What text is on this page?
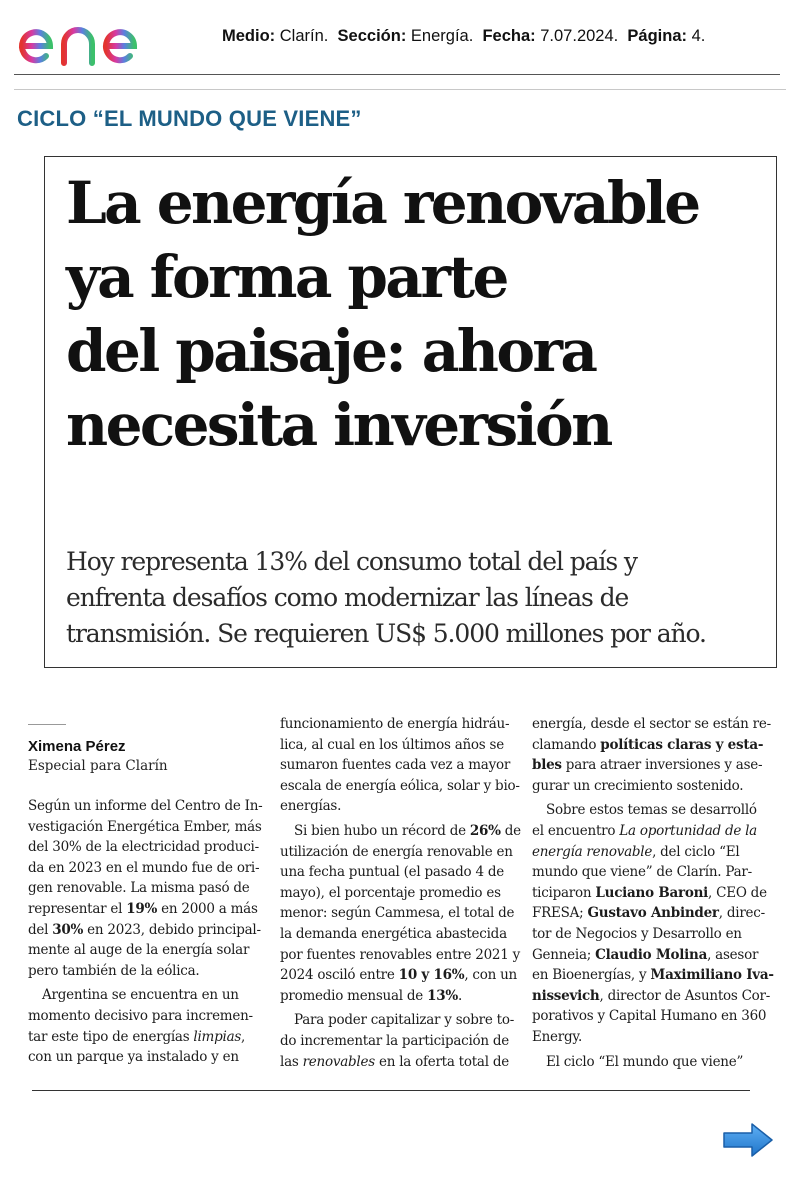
Medio: Clarín. Sección: Energía. Fecha: 7.07.2024. Página: 4.
CICLO “EL MUNDO QUE VIENE”
La energía renovable
ya forma parte
del paisaje: ahora
necesita inversión

Hoy representa 13% del consumo total del país y
enfrenta desafíos como modernizar las líneas de
transmisión. Se requieren US$ 5.000 millones por año.

Ximena Pérez
Especial para Clarín

Según un informe del Centro de In-
vestigación Energética Ember, más
del 30% de la electricidad produci-
da en 2023 en el mundo fue de ori-
gen renovable. La misma pasó de
representar el 19% en 2000 a más
del 30% en 2023, debido principal-
mente al auge de la energía solar
pero también de la eólica.

Argentina se encuentra en un
momento decisivo para incremen-
tar este tipo de energías limpias,
con un parque ya instalado y en

funcionamiento de energía hidráu-
lica, al cual en los últimos años se
sumaron fuentes cada vez a mayor
escala de energía eólica, solar y bio-
energías.

Si bien hubo un récord de 26% de
utilización de energía renovable en
una fecha puntual (el pasado 4 de
mayo), el porcentaje promedio es
menor: según Cammesa, el total de
la demanda energética abastecida
por fuentes renovables entre 2021 y
2024 osciló entre 10 y 16%, con un
promedio mensual de 13%.

Para poder capitalizar y sobre to-
do incrementar la participación de
las renovables en la oferta total de

energía, desde el sector se están re-
clamando políticas claras y esta-
bles para atraer inversiones y ase-
gurar un crecimiento sostenido.

Sobre estos temas se desarrolló
el encuentro La oportunidad de la
energía renovable, del ciclo “El
mundo que viene” de Clarín. Par-
ticiparon Luciano Baroni, CEO de
FRESA; Gustavo Anbinder, direc-
tor de Negocios y Desarrollo en
Genneia; Claudio Molina, asesor
en Bioenergías, y Maximiliano Iva-
nissevich, director de Asuntos Cor-
porativos y Capital Humano en 360
Energy.

El ciclo “El mundo que viene”
